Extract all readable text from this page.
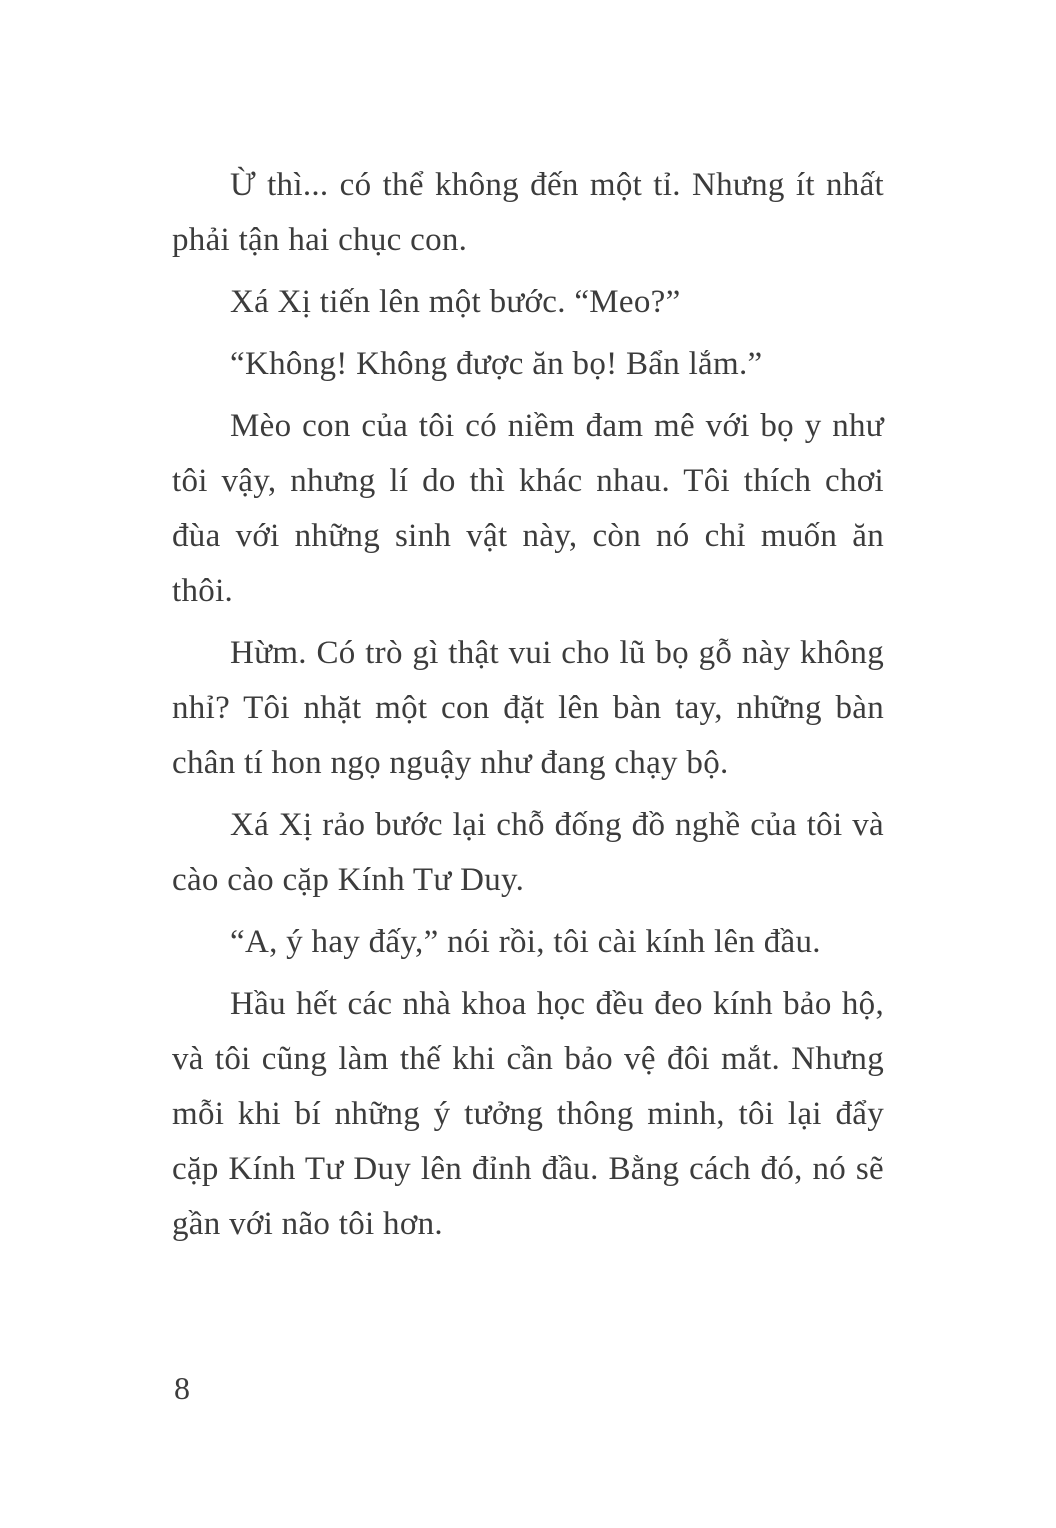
Ừ thì... có thể không đến một tỉ. Nhưng ít nhất phải tận hai chục con.

Xá Xị tiến lên một bước. “Meo?”

“Không! Không được ăn bọ! Bẩn lắm.”

Mèo con của tôi có niềm đam mê với bọ y như tôi vậy, nhưng lí do thì khác nhau. Tôi thích chơi đùa với những sinh vật này, còn nó chỉ muốn ăn thôi.

Hừm. Có trò gì thật vui cho lũ bọ gỗ này không nhỉ? Tôi nhặt một con đặt lên bàn tay, những bàn chân tí hon ngọ nguậy như đang chạy bộ.

Xá Xị rảo bước lại chỗ đống đồ nghề của tôi và cào cào cặp Kính Tư Duy.

“A, ý hay đấy,” nói rồi, tôi cài kính lên đầu.

Hầu hết các nhà khoa học đều đeo kính bảo hộ, và tôi cũng làm thế khi cần bảo vệ đôi mắt. Nhưng mỗi khi bí những ý tưởng thông minh, tôi lại đẩy cặp Kính Tư Duy lên đỉnh đầu. Bằng cách đó, nó sẽ gần với não tôi hơn.

8
